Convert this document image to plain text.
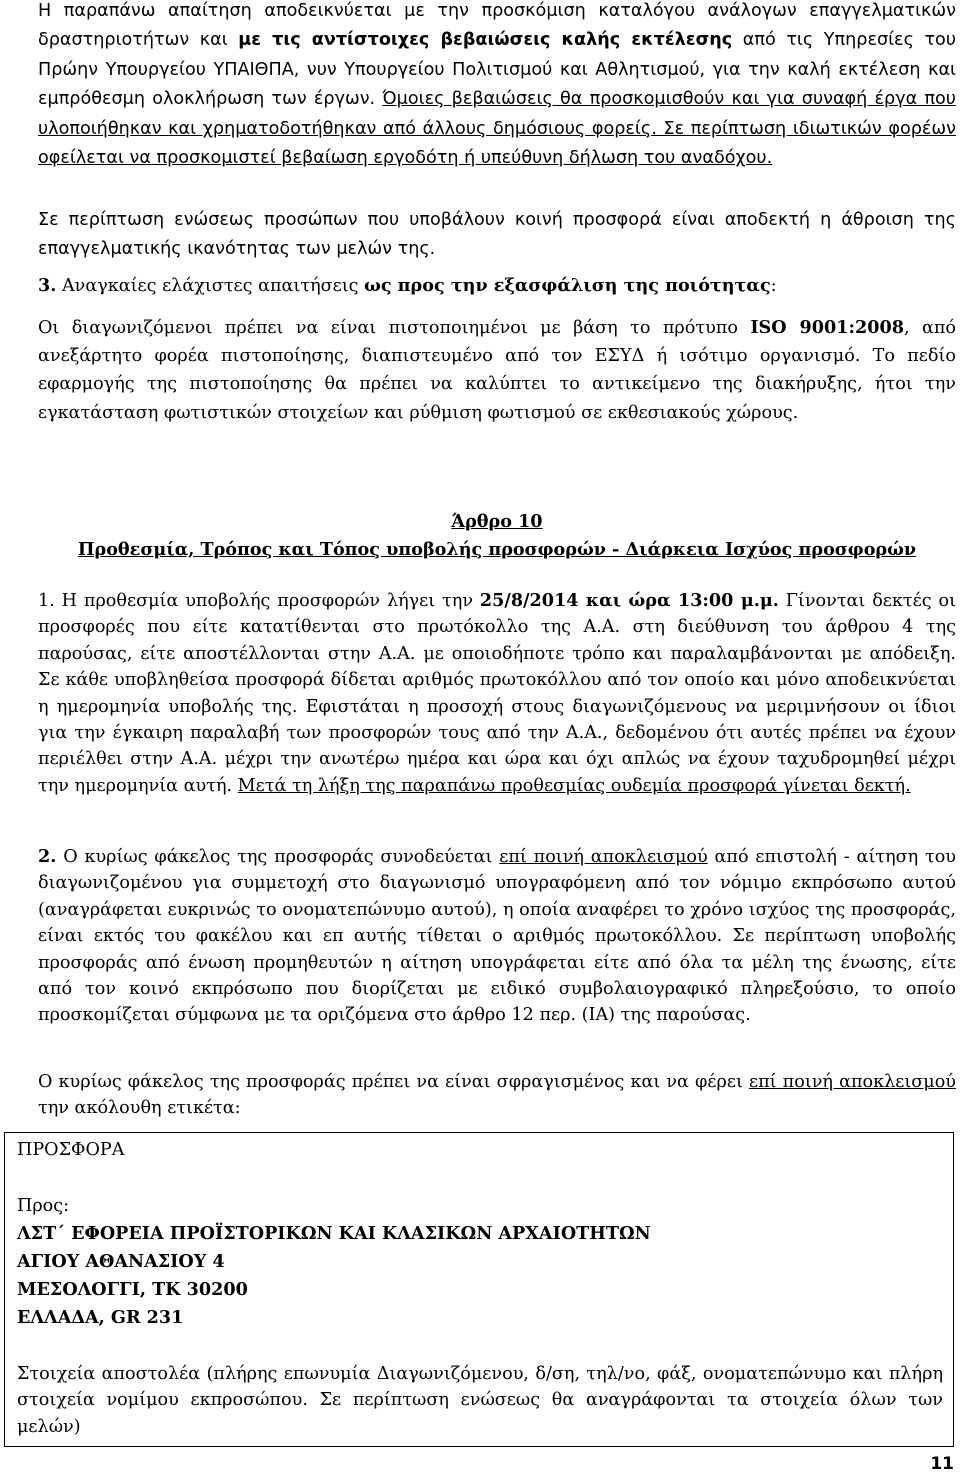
Η παραπάνω απαίτηση αποδεικνύεται με την προσκόμιση καταλόγου ανάλογων επαγγελματικών δραστηριοτήτων και με τις αντίστοιχες βεβαιώσεις καλής εκτέλεσης από τις Υπηρεσίες του Πρώην Υπουργείου ΥΠΑΙΘΠΑ, νυν Υπουργείου Πολιτισμού και Αθλητισμού, για την καλή εκτέλεση και εμπρόθεσμη ολοκλήρωση των έργων. Όμοιες βεβαιώσεις θα προσκομισθούν και για συναφή έργα που υλοποιήθηκαν και χρηματοδοτήθηκαν από άλλους δημόσιους φορείς. Σε περίπτωση ιδιωτικών φορέων οφείλεται να προσκομιστεί βεβαίωση εργοδότη ή υπεύθυνη δήλωση του αναδόχου.

Σε περίπτωση ενώσεως προσώπων που υποβάλουν κοινή προσφορά είναι αποδεκτή η άθροιση της επαγγελματικής ικανότητας των μελών της.

3. Αναγκαίες ελάχιστες απαιτήσεις ως προς την εξασφάλιση της ποιότητας:

Οι διαγωνιζόμενοι πρέπει να είναι πιστοποιημένοι με βάση το πρότυπο ISO 9001:2008, από ανεξάρτητο φορέα πιστοποίησης, διαπιστευμένο από τον ΕΣΥΔ ή ισότιμο οργανισμό. Το πεδίο εφαρμογής της πιστοποίησης θα πρέπει να καλύπτει το αντικείμενο της διακήρυξης, ήτοι την εγκατάσταση φωτιστικών στοιχείων και ρύθμιση φωτισμού σε εκθεσιακούς χώρους.

Άρθρο 10

Προθεσμία, Τρόπος και Τόπος υποβολής προσφορών - Διάρκεια Ισχύος προσφορών

1. Η προθεσμία υποβολής προσφορών λήγει την 25/8/2014 και ώρα 13:00 μ.μ. Γίνονται δεκτές οι προσφορές που είτε κατατίθενται στο πρωτόκολλο της Α.Α. στη διεύθυνση του άρθρου 4 της παρούσας, είτε αποστέλλονται στην Α.Α. με οποιοδήποτε τρόπο και παραλαμβάνονται με απόδειξη. Σε κάθε υποβληθείσα προσφορά δίδεται αριθμός πρωτοκόλλου από τον οποίο και μόνο αποδεικνύεται η ημερομηνία υποβολής της. Εφιστάται η προσοχή στους διαγωνιζόμενους να μεριμνήσουν οι ίδιοι για την έγκαιρη παραλαβή των προσφορών τους από την Α.Α., δεδομένου ότι αυτές πρέπει να έχουν περιέλθει στην Α.Α. μέχρι την ανωτέρω ημέρα και ώρα και όχι απλώς να έχουν ταχυδρομηθεί μέχρι την ημερομηνία αυτή. Μετά τη λήξη της παραπάνω προθεσμίας ουδεμία προσφορά γίνεται δεκτή.

2. Ο κυρίως φάκελος της προσφοράς συνοδεύεται επί ποινή αποκλεισμού από επιστολή - αίτηση του διαγωνιζομένου για συμμετοχή στο διαγωνισμό υπογραφόμενη από τον νόμιμο εκπρόσωπο αυτού (αναγράφεται ευκρινώς το ονοματεπώνυμο αυτού), η οποία αναφέρει το χρόνο ισχύος της προσφοράς, είναι εκτός του φακέλου και επ αυτής τίθεται ο αριθμός πρωτοκόλλου. Σε περίπτωση υποβολής προσφοράς από ένωση προμηθευτών η αίτηση υπογράφεται είτε από όλα τα μέλη της ένωσης, είτε από τον κοινό εκπρόσωπο που διορίζεται με ειδικό συμβολαιογραφικό πληρεξούσιο, το οποίο προσκομίζεται σύμφωνα με τα οριζόμενα στο άρθρο 12 περ. (ΙΑ) της παρούσας.

Ο κυρίως φάκελος της προσφοράς πρέπει να είναι σφραγισμένος και να φέρει επί ποινή αποκλεισμού την ακόλουθη ετικέτα:

ΠΡΟΣΦΟΡΑ
Προς:
ΛΣΤ΄ ΕΦΟΡΕΙΑ ΠΡΟΪΣΤΟΡΙΚΩΝ ΚΑΙ ΚΛΑΣΙΚΩΝ ΑΡΧΑΙΟΤΗΤΩΝ
ΑΓΙΟΥ ΑΘΑΝΑΣΙΟΥ 4
ΜΕΣΟΛΟΓΓΙ, ΤΚ 30200
ΕΛΛΑΔΑ, GR 231

Στοιχεία αποστολέα (πλήρης επωνυμία Διαγωνιζόμενου, δ/ση, τηλ/νο, φάξ, ονοματεπώνυμο και πλήρη στοιχεία νομίμου εκπροσώπου. Σε περίπτωση ενώσεως θα αναγράφονται τα στοιχεία όλων των μελών)

11
